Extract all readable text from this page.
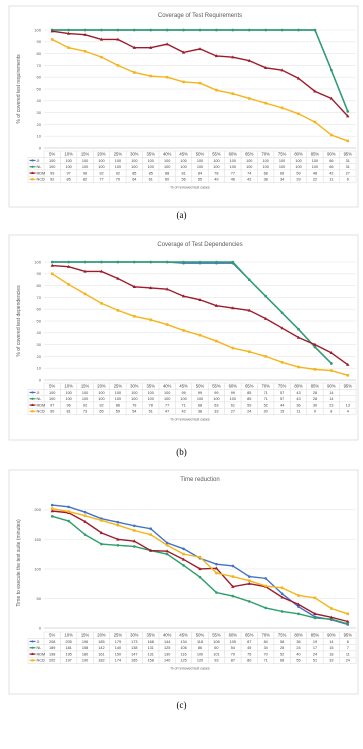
Coverage of Test Requirements
0
10
20
30
40
50
60
70
80
90
100
% of covered test requirements
5% 10% 15% 20% 25% 30% 35% 40% 45% 50% 55% 60% 65% 70% 75% 80% 85% 90% 95%
JI	100	100	100	100	100	100	100	100	100	100	100	100	100	100	100	100	100	66	31
NL 100	100	100	100	100	100	100	100	100	100	100	100	100	100	100	100	100	66	31
RDM 99	97	96	92	92	85	85	88	81	84	78	77	74	68	66	59	48	42	27
NCD 92	85	82	77	70	64	61	60	56	55	49	46	42	38	34	29	22	11	6
% of removed test cases
(a)
Coverage of Test Dependencies
0
10
20
30
40
50
60
70
80
90
100
% of covered test dependencies
5% 10% 15% 20% 25% 30% 35% 40% 45% 50% 55% 60% 65% 70% 75% 80% 85% 90% 95%
JI	100	100	100	100	100	100	100	100	99	99	99	99	85	71	57	43	28	14
NL 100	100	100	100	100	100	100	100	100	100	100	100	85	71	57	43	28	14
RDM 97	96	92	92	86	79	78	77	71	68	63	61	59	52	44	36	30	23	13
NCD 90	81	73	65	59	54	51	47	42	38	33	27	24	20	15	11	9	8	4
% of removed test cases
(b)
Time reduction
0
50
100
150
200
Time to execute the test suite (minutes)
5% 10% 15% 20% 25% 30% 35% 40% 45% 50% 55% 60% 65% 70% 75% 80% 85% 90% 95%
JI	208	205	196	185	179	173	168	144	134	118	108	105	87	84	58	36	19	14	6
NL 189	181	158	142	140	138	131	125	106	86	60	54	45	34	28	24	17	15	7
RDM 198	195	180	161	150	147	131	130	116	100	101	70	75	70	52	40	24	18	11
NCD 202	197	190	182	174	165	158	140	125	120	93	87	80	71	68	55	51	33	24
% of removed test cases
(c)
